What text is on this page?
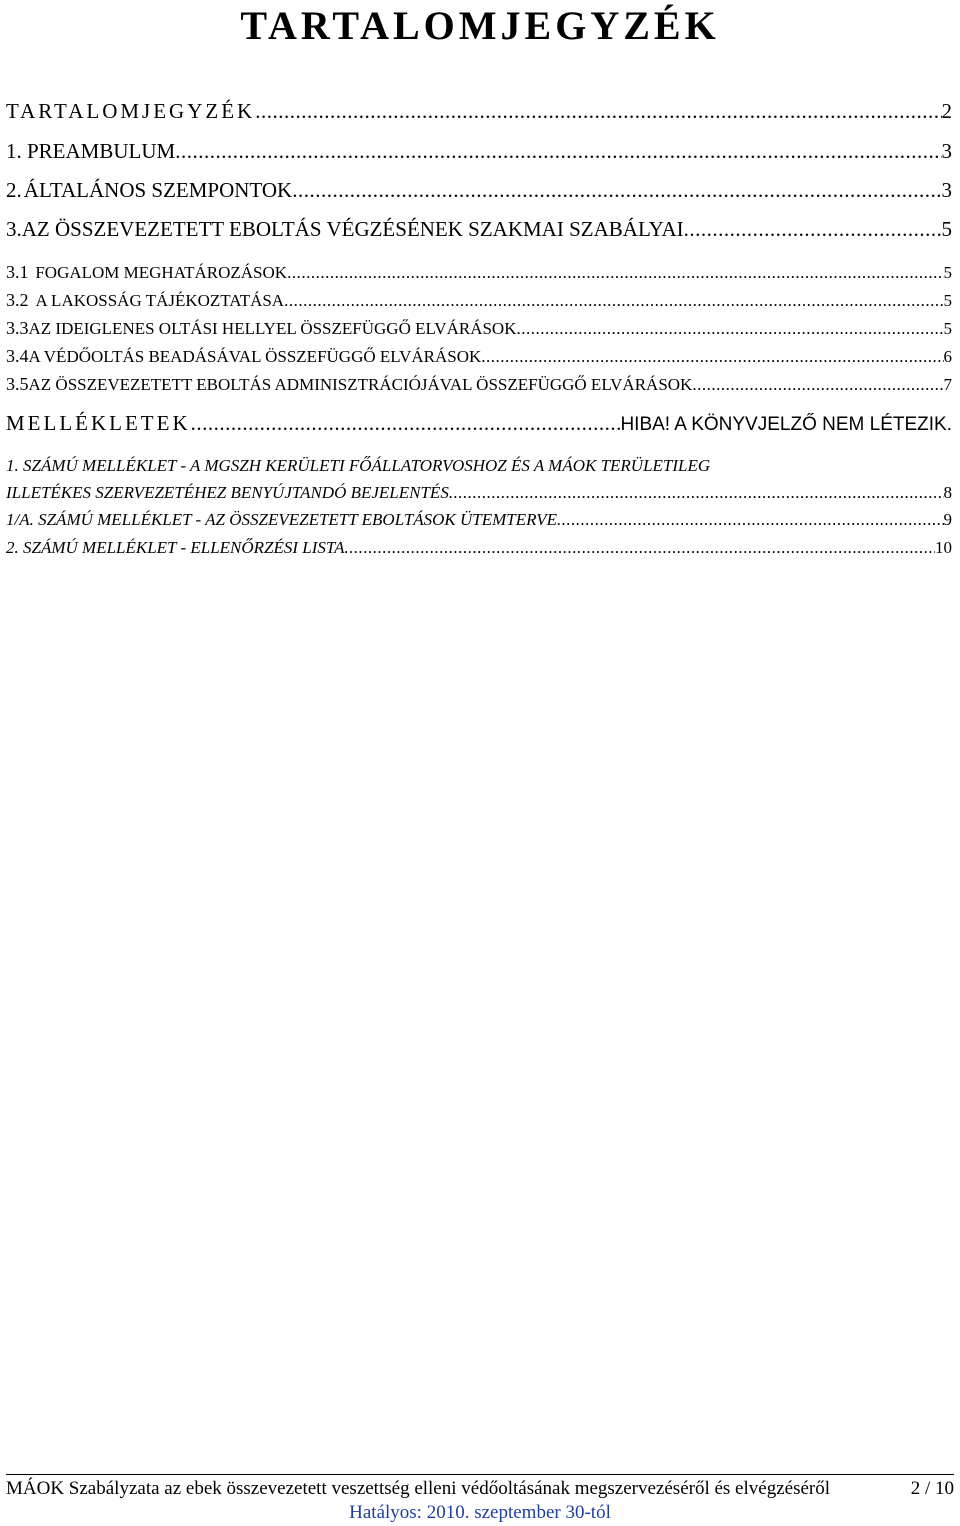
TARTALOMJEGYZÉK
TARTALOMJEGYZÉK .....	2
1. PREAMBULUM .....	3
2. ÁLTALÁNOS SZEMPONTOK .....	3
3. AZ ÖSSZEVEZETETT EBOLTÁS VÉGZÉSÉNEK SZAKMAI SZABÁLYAI .....	5
3.1 FOGALOM MEGHATÁROZÁSOK .....	5
3.2 A LAKOSSÁG TÁJÉKOZTATÁSA .....	5
3.3 AZ IDEIGLENES OLTÁSI HELLYEL ÖSSZEFÜGGŐ ELVÁRÁSOK .....	5
3.4 A VÉDŐOLTÁS BEADÁSÁVAL ÖSSZEFÜGGŐ ELVÁRÁSOK .....	6
3.5 AZ ÖSSZEVEZETETT EBOLTÁS ADMINISZTRÁCIÓJÁVAL ÖSSZEFÜGGŐ ELVÁRÁSOK .....	7
MELLÉKLETEK .....	HIBA! A KÖNYVJELZŐ NEM LÉTEZIK.
1. SZÁMÚ MELLÉKLET - A MGSZH KERÜLETI FŐÁLLATORVOSHOZ ÉS A MÁOK TERÜLETILEG
ILLETÉKES SZERVEZETÉHEZ BENYÚJTANDÓ BEJELENTÉS .....	8
1/A. SZÁMÚ MELLÉKLET - AZ ÖSSZEVEZETETT EBOLTÁSOK ÜTEMTERVE .....	9
2. SZÁMÚ MELLÉKLET - ELLENŐRZÉSI LISTA .....	10
MÁOK Szabályzata az ebek összevezetett veszettség elleni védőoltásának megszervezéséről és elvégzéséről	2 / 10
Hatályos: 2010. szeptember 30-tól
